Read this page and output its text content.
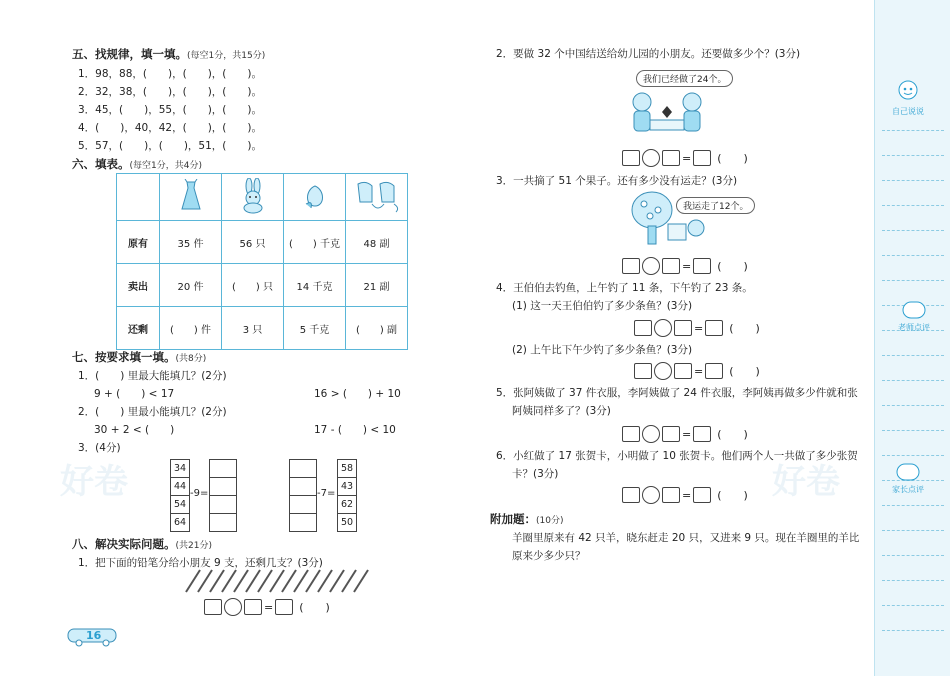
自己说说

老师点评

家长点评
好卷	好卷
五、找规律，填一填。(每空1分，共15分)
1．98，88，(　　)，(　　)，(　　)。
2．32，38，(　　)，(　　)，(　　)。
3．45，(　　)，55，(　　)，(　　)。
4．(　　)，40，42，(　　)，(　　)。
5．57，(　　)，(　　)，51，(　　)。
六、填表。(每空1分，共4分)

原有	35 件	56 只	(　　) 千克	48 副
卖出	20 件	(　　) 只	14 千克	21 副
还剩	(　　) 件	3 只	5 千克	(　　) 副
七、按要求填一填。(共8分)
1．(　　) 里最大能填几？(2分)
9 + (　　) < 17	16 > (　　) + 10
2．(　　) 里最小能填几？(2分)
30 + 2 < (　　)	17 - (　　) < 10
3．(4分)
34
44
54
64
-9=	-7=
58
43
62
50
八、解决实际问题。(共21分)
1．把下面的铅笔分给小朋友 9 支，还剩几支？(3分)
= (　　)
16
2．要做 32 个中国结送给幼儿园的小朋友。还要做多少个？(3分)
我们已经做了24个。
= (　　)
3．一共摘了 51 个果子。还有多少没有运走？(3分)
我运走了12个。
= (　　)
4．王伯伯去钓鱼，上午钓了 11 条，下午钓了 23 条。
(1) 这一天王伯伯钓了多少条鱼？(3分)
= (　　)
(2) 上午比下午少钓了多少条鱼？(3分)
= (　　)
5．张阿姨做了 37 件衣服，李阿姨做了 24 件衣服，李阿姨再做多少件就和张
阿姨同样多了？(3分)
= (　　)
6．小红做了 17 张贺卡，小明做了 10 张贺卡。他们两个人一共做了多少张贺
卡？(3分)
= (　　)
附加题：(10分)
羊圈里原来有 42 只羊，晓东赶走 20 只，又进来 9 只。现在羊圈里的羊比
原来少多少只？
